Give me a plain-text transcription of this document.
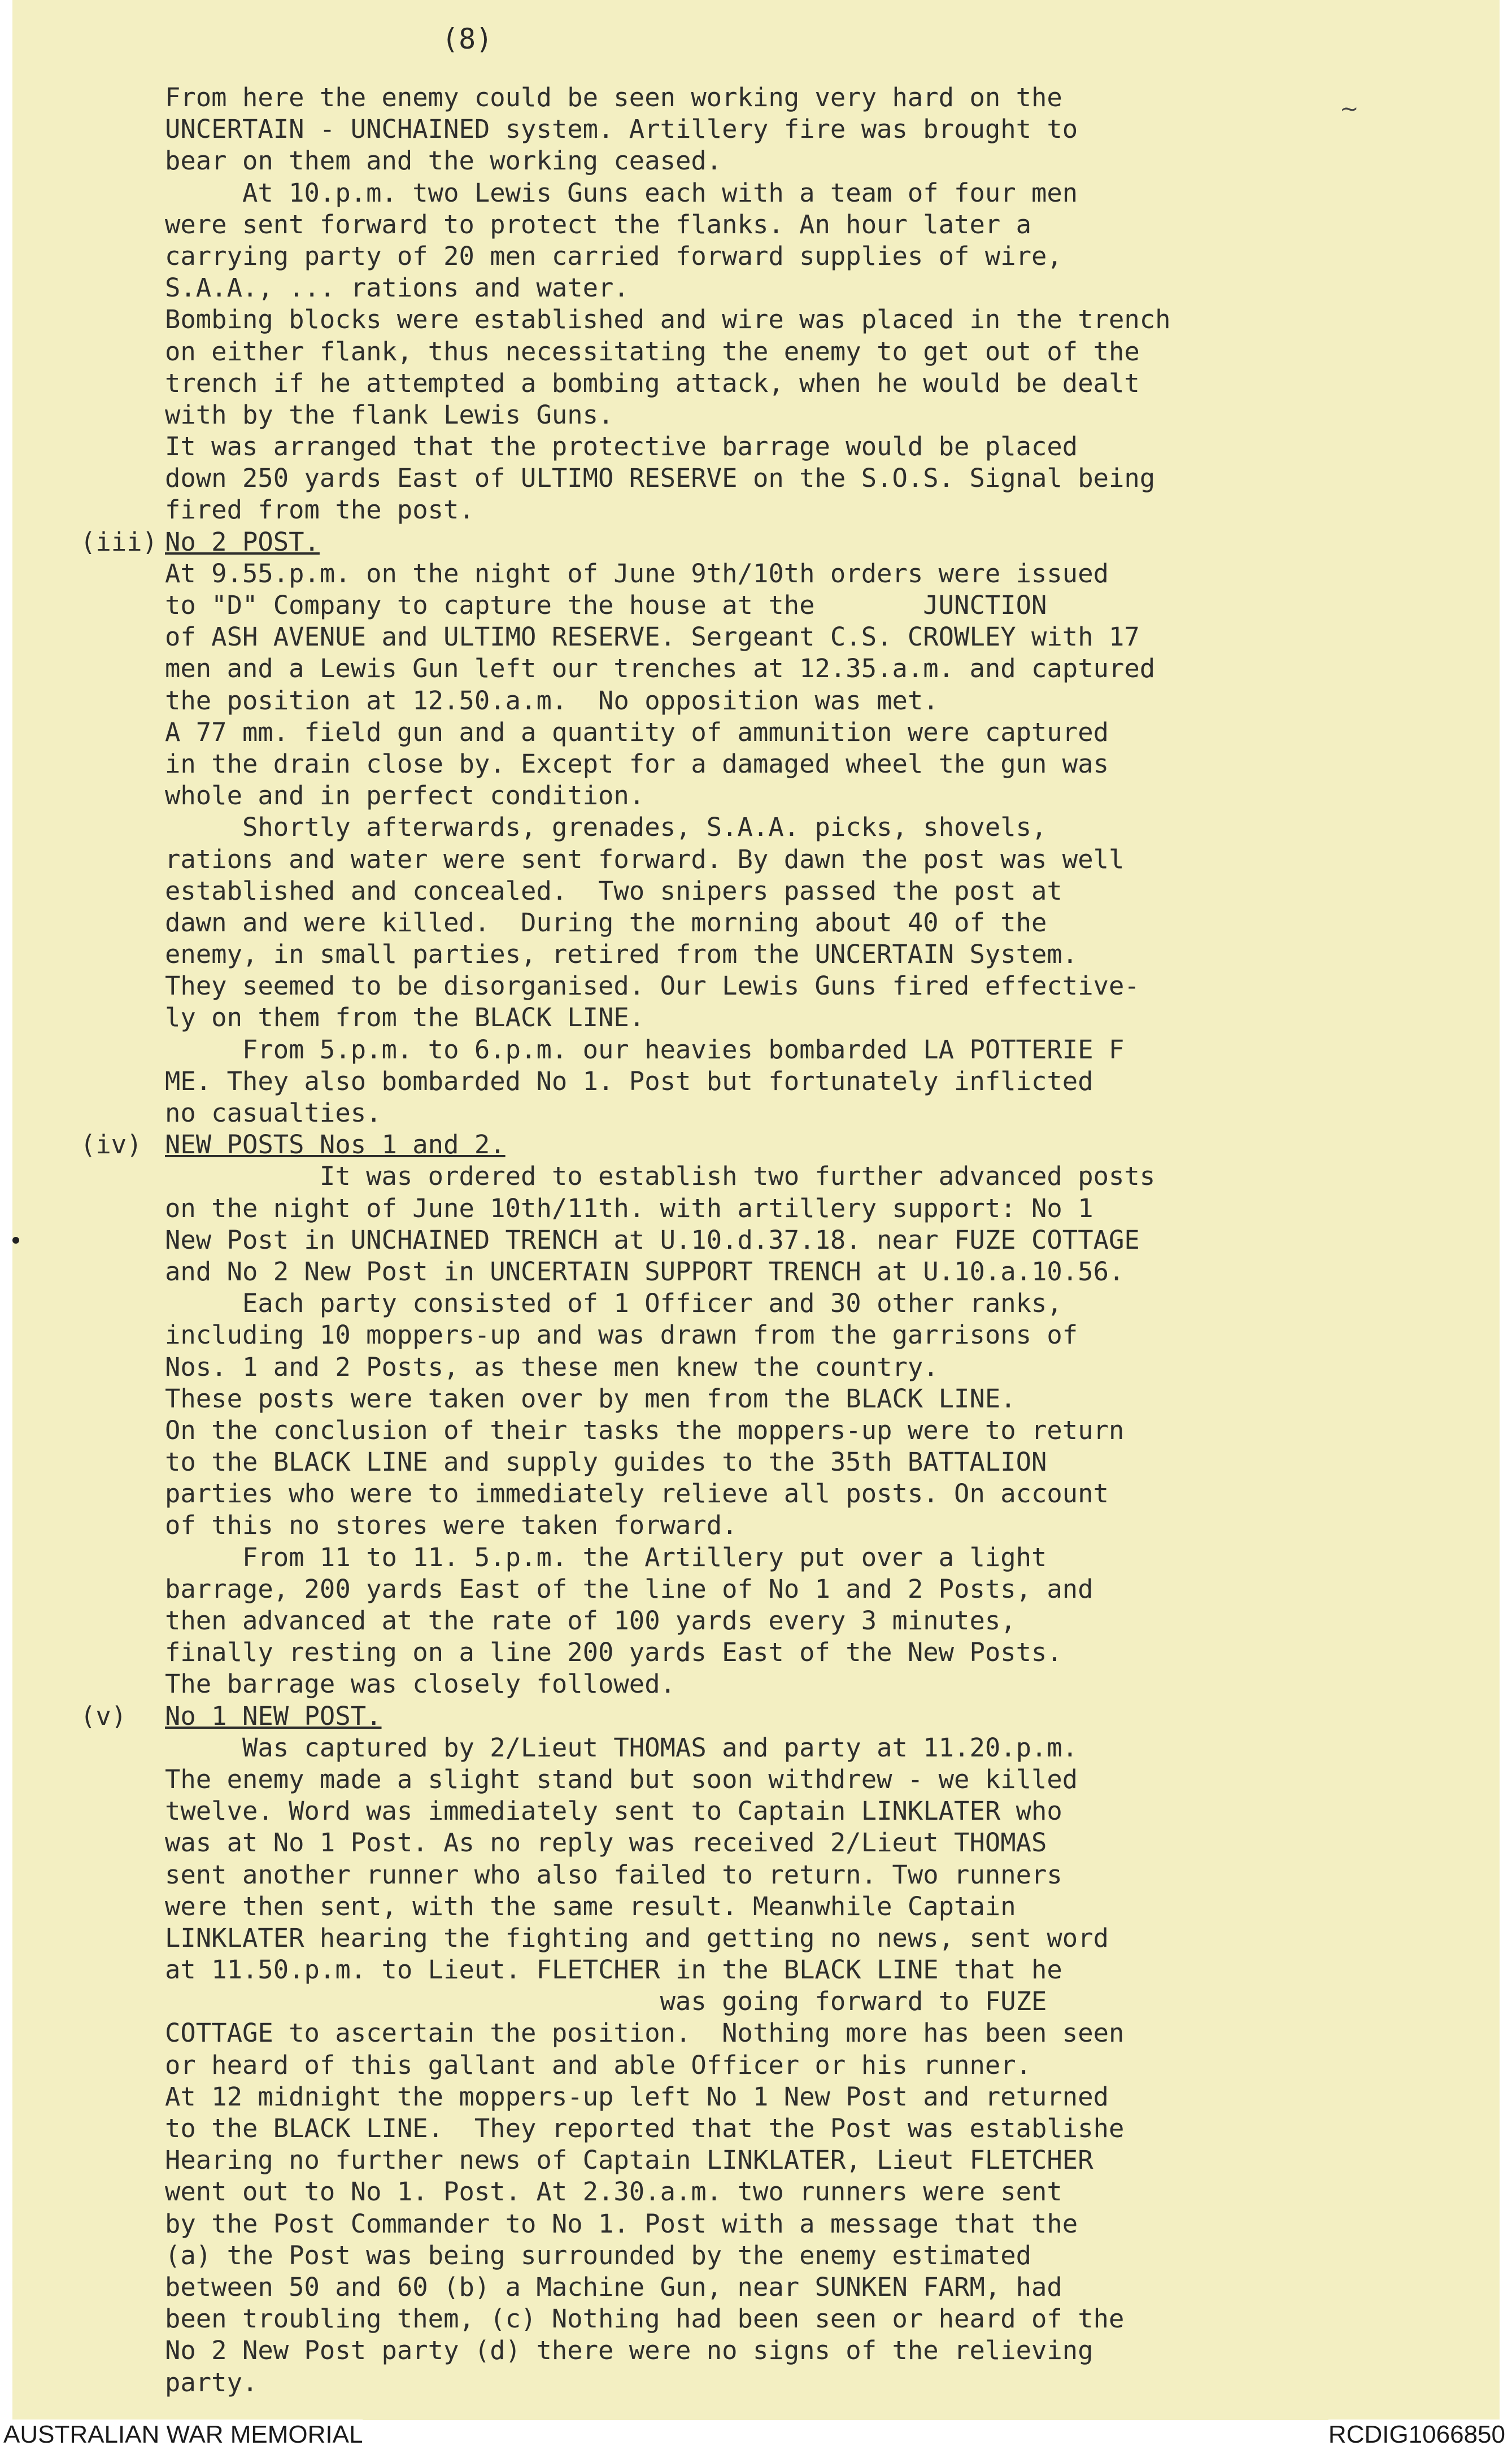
(8)
~
From here the enemy could be seen working very hard on the
UNCERTAIN - UNCHAINED system. Artillery fire was brought to
bear on them and the working ceased.
At 10.p.m. two Lewis Guns each with a team of four men
were sent forward to protect the flanks. An hour later a
carrying party of 20 men carried forward supplies of wire,
S.A.A., ... rations and water.
Bombing blocks were established and wire was placed in the trench
on either flank, thus necessitating the enemy to get out of the
trench if he attempted a bombing attack, when he would be dealt
with by the flank Lewis Guns.
It was arranged that the protective barrage would be placed
down 250 yards East of ULTIMO RESERVE on the S.O.S. Signal being
fired from the post.
(iii) No 2 POST.
At 9.55.p.m. on the night of June 9th/10th orders were issued
to "D" Company to capture the house at the       JUNCTION
of ASH AVENUE and ULTIMO RESERVE. Sergeant C.S. CROWLEY with 17
men and a Lewis Gun left our trenches at 12.35.a.m. and captured
the position at 12.50.a.m.  No opposition was met.
A 77 mm. field gun and a quantity of ammunition were captured
in the drain close by. Except for a damaged wheel the gun was
whole and in perfect condition.
Shortly afterwards, grenades, S.A.A. picks, shovels,
rations and water were sent forward. By dawn the post was well
established and concealed.  Two snipers passed the post at
dawn and were killed.  During the morning about 40 of the
enemy, in small parties, retired from the UNCERTAIN System.
They seemed to be disorganised. Our Lewis Guns fired effective-
ly on them from the BLACK LINE.
From 5.p.m. to 6.p.m. our heavies bombarded LA POTTERIE F
ME. They also bombarded No 1. Post but fortunately inflicted
no casualties.
(iv) NEW POSTS Nos 1 and 2.
It was ordered to establish two further advanced posts
on the night of June 10th/11th. with artillery support: No 1
New Post in UNCHAINED TRENCH at U.10.d.37.18. near FUZE COTTAGE
and No 2 New Post in UNCERTAIN SUPPORT TRENCH at U.10.a.10.56.
Each party consisted of 1 Officer and 30 other ranks,
including 10 moppers-up and was drawn from the garrisons of
Nos. 1 and 2 Posts, as these men knew the country.
These posts were taken over by men from the BLACK LINE.
On the conclusion of their tasks the moppers-up were to return
to the BLACK LINE and supply guides to the 35th BATTALION
parties who were to immediately relieve all posts. On account
of this no stores were taken forward.
From 11 to 11. 5.p.m. the Artillery put over a light
barrage, 200 yards East of the line of No 1 and 2 Posts, and
then advanced at the rate of 100 yards every 3 minutes,
finally resting on a line 200 yards East of the New Posts.
The barrage was closely followed.
(v) No 1 NEW POST.
Was captured by 2/Lieut THOMAS and party at 11.20.p.m.
The enemy made a slight stand but soon withdrew - we killed
twelve. Word was immediately sent to Captain LINKLATER who
was at No 1 Post. As no reply was received 2/Lieut THOMAS
sent another runner who also failed to return. Two runners
were then sent, with the same result. Meanwhile Captain
LINKLATER hearing the fighting and getting no news, sent word
at 11.50.p.m. to Lieut. FLETCHER in the BLACK LINE that he
was going forward to FUZE
COTTAGE to ascertain the position.  Nothing more has been seen
or heard of this gallant and able Officer or his runner.
At 12 midnight the moppers-up left No 1 New Post and returned
to the BLACK LINE.  They reported that the Post was establishe
Hearing no further news of Captain LINKLATER, Lieut FLETCHER
went out to No 1. Post. At 2.30.a.m. two runners were sent
by the Post Commander to No 1. Post with a message that the
(a) the Post was being surrounded by the enemy estimated
between 50 and 60 (b) a Machine Gun, near SUNKEN FARM, had
been troubling them, (c) Nothing had been seen or heard of the
No 2 New Post party (d) there were no signs of the relieving
party.
AUSTRALIAN WAR MEMORIAL	RCDIG1066850
